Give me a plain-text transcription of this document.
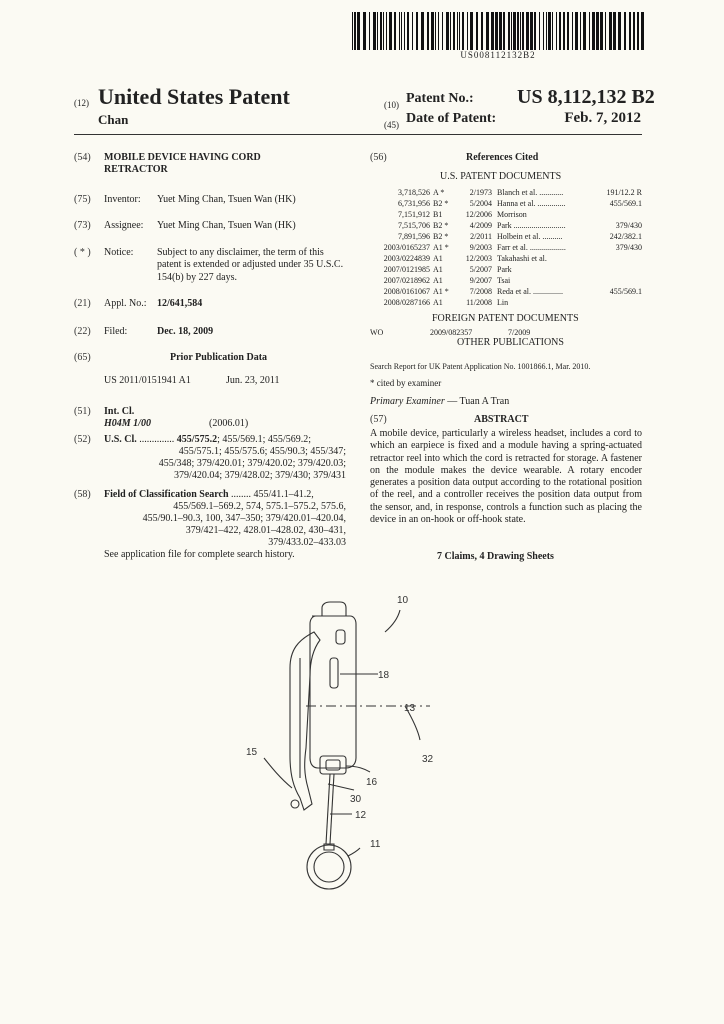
US008112132B2
(12) United States Patent
Chan
(10) Patent No.: US 8,112,132 B2
(45) Date of Patent:	Feb. 7, 2012
(54) MOBILE DEVICE HAVING CORD
RETRACTOR
(75) Inventor: Yuet Ming Chan, Tsuen Wan (HK)
(73) Assignee: Yuet Ming Chan, Tsuen Wan (HK)
( * ) Notice: Subject to any disclaimer, the term of this patent is extended or adjusted under 35 U.S.C. 154(b) by 227 days.
(21) Appl. No.: 12/641,584
(22) Filed:	Dec. 18, 2009
(65)	Prior Publication Data
US 2011/0151941 A1	Jun. 23, 2011
(51) Int. Cl.
H04M 1/00	(2006.01)
(52) U.S. Cl. .............. 455/575.2; 455/569.1; 455/569.2;
455/575.1; 455/575.6; 455/90.3; 455/347;
455/348; 379/420.01; 379/420.02; 379/420.03;
379/420.04; 379/428.02; 379/430; 379/431
(58) Field of Classification Search ........ 455/41.1–41.2,
455/569.1–569.2, 574, 575.1–575.2, 575.6,
455/90.1–90.3, 100, 347–350; 379/420.01–420.04,
379/421–422, 428.01–428.02, 430–431,
379/433.02–433.03
See application file for complete search history.
(56)	References Cited
U.S. PATENT DOCUMENTS
3,718,526 A *	2/1973 Blanch et al. ............	191/12.2 R
6,731,956 B2 *	5/2004 Hanna et al. ..............	455/569.1
7,151,912 B1	12/2006 Morrison
7,515,706 B2 *	4/2009 Park ..........................	379/430
7,891,596 B2 *	2/2011 Holbein et al. ..........	242/382.1
2003/0165237 A1 *	9/2003 Farr et al. ..................	379/430
2003/0224839 A1	12/2003 Takahashi et al.
2007/0121985 A1	5/2007 Park
2007/0218962 A1	9/2007 Tsai
2008/0161067 A1 *	7/2008 Reda et al. ...............	455/569.1
2008/0287166 A1	11/2008 Lin
FOREIGN PATENT DOCUMENTS
WO	2009/082357	7/2009
OTHER PUBLICATIONS
Search Report for UK Patent Application No. 1001866.1, Mar. 2010.
* cited by examiner
Primary Examiner — Tuan A Tran
(57)	ABSTRACT
A mobile device, particularly a wireless headset, includes a cord to which an earpiece is fixed and a module having a spring-actuated retractor reel into which the cord is retracted for storage. A fastener on the module makes the device wearable. A rotary encoder generates a position data output according to the rotational position of the reel, and a controller receives the position data output from the sensor, and, in response, controls a function such as placing the device in an on-hook or off-hook state.
7 Claims, 4 Drawing Sheets
10
18
13
15
32
16
30
12
11
